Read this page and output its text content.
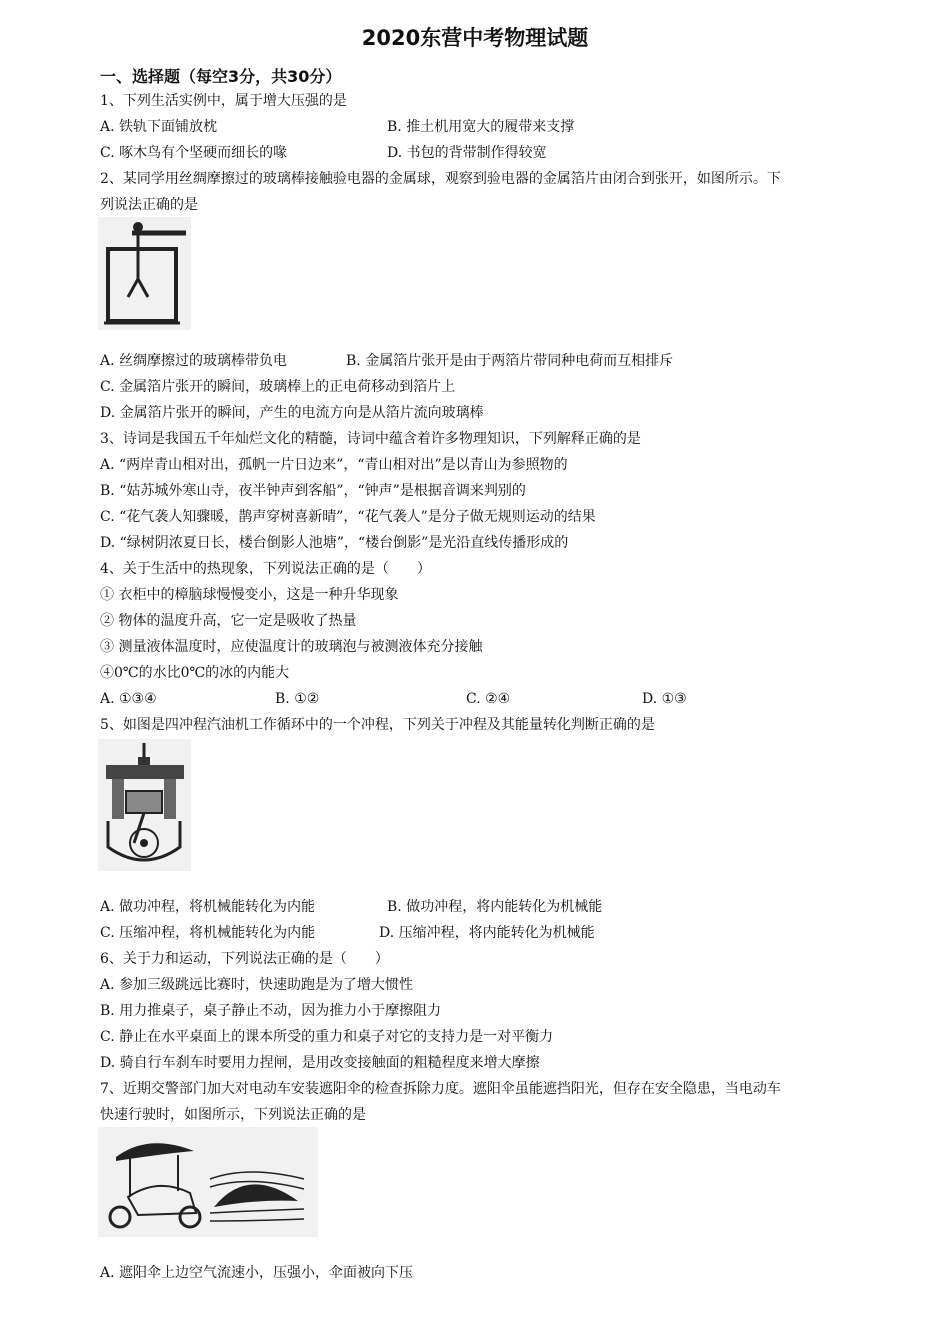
2020东营中考物理试题
一、选择题（每空3分，共30分）
1、下列生活实例中，属于增大压强的是
A. 铁轨下面铺放枕	B. 推土机用宽大的履带来支撑
C. 啄木鸟有个坚硬而细长的喙	D. 书包的背带制作得较宽
2、某同学用丝绸摩擦过的玻璃棒接触验电器的金属球，观察到验电器的金属箔片由闭合到张开，如图所示。下
列说法正确的是
A. 丝绸摩擦过的玻璃棒带负电	B. 金属箔片张开是由于两箔片带同种电荷而互相排斥
C. 金属箔片张开的瞬间，玻璃棒上的正电荷移动到箔片上
D. 金属箔片张开的瞬间，产生的电流方向是从箔片流向玻璃棒
3、诗词是我国五千年灿烂文化的精髓，诗词中蕴含着许多物理知识，下列解释正确的是
A. “两岸青山相对出，孤帆一片日边来”，“青山相对出”是以青山为参照物的
B. “姑苏城外寒山寺，夜半钟声到客船”，“钟声”是根据音调来判别的
C. “花气袭人知骤暖，鹊声穿树喜新晴”，“花气袭人”是分子做无规则运动的结果
D. “绿树阴浓夏日长，楼台倒影人池塘”，“楼台倒影”是光沿直线传播形成的
4、关于生活中的热现象，下列说法正确的是（　　）
① 衣柜中的樟脑球慢慢变小，这是一种升华现象
② 物体的温度升高，它一定是吸收了热量
③ 测量液体温度时，应使温度计的玻璃泡与被测液体充分接触
④0℃的水比0℃的冰的内能大
A. ①③④	B. ①②	C. ②④	D. ①③
5、如图是四冲程汽油机工作循环中的一个冲程，下列关于冲程及其能量转化判断正确的是
A. 做功冲程，将机械能转化为内能	B. 做功冲程，将内能转化为机械能
C. 压缩冲程，将机械能转化为内能	D. 压缩冲程，将内能转化为机械能
6、关于力和运动，下列说法正确的是（　　）
A. 参加三级跳远比赛时，快速助跑是为了增大惯性
B. 用力推桌子，桌子静止不动，因为推力小于摩擦阻力
C. 静止在水平桌面上的课本所受的重力和桌子对它的支持力是一对平衡力
D. 骑自行车刹车时要用力捏闸，是用改变接触面的粗糙程度来增大摩擦
7、近期交警部门加大对电动车安装遮阳伞的检查拆除力度。遮阳伞虽能遮挡阳光，但存在安全隐患，当电动车
快速行驶时，如图所示，下列说法正确的是
A. 遮阳伞上边空气流速小，压强小，伞面被向下压
